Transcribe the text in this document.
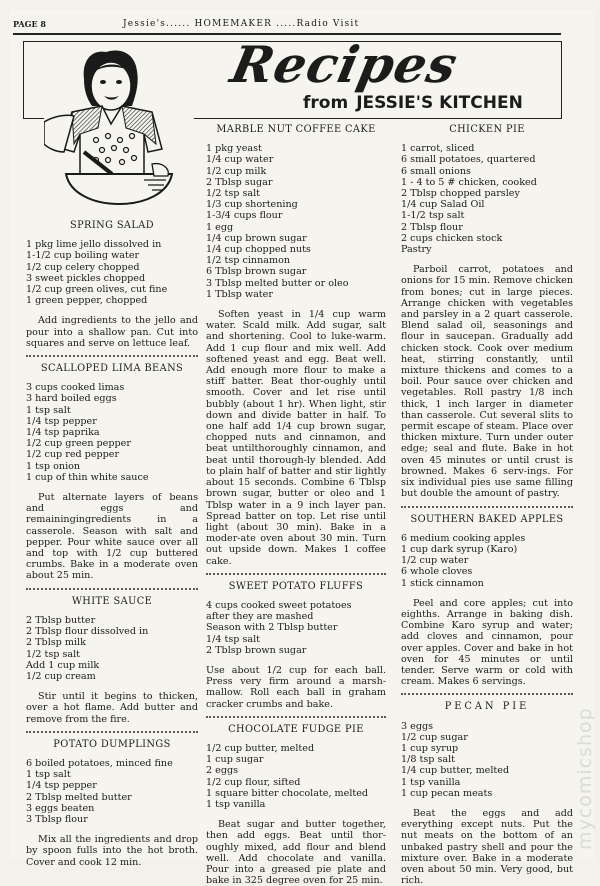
PAGE 8	Jessie's...... HOMEMAKER .....Radio Visit
Recipes
from JESSIE'S KITCHEN
SPRING SALAD
1 pkg lime jello dissolved in
1-1/2 cup boiling water
1/2 cup celery chopped
3 sweet pickles chopped
1/2 cup green olives, cut fine
1 green pepper, chopped

Add ingredients to the jello and pour into a shallow pan. Cut into squares and serve on lettuce leaf.

SCALLOPED LIMA BEANS
3 cups cooked limas
3 hard boiled eggs
1 tsp salt
1/4 tsp pepper
1/4 tsp paprika
1/2 cup green pepper
1/2 cup red pepper
1 tsp onion
1 cup of thin white sauce

Put alternate layers of beans and eggs and remainingingredients in a casserole. Season with salt and pepper. Pour white sauce over all and top with 1/2 cup buttered crumbs. Bake in a moderate oven about 25 min.

WHITE SAUCE
2 Tblsp butter
2 Tblsp flour dissolved in
2 Tblsp milk
1/2 tsp salt
Add 1 cup milk
1/2 cup cream

Stir until it begins to thicken, over a hot flame. Add butter and remove from the fire.

POTATO DUMPLINGS
6 boiled potatoes, minced fine
1 tsp salt
1/4 tsp pepper
2 Tblsp melted butter
3 eggs beaten
3 Tblsp flour

Mix all the ingredients and drop by spoon fulls into the hot broth. Cover and cook 12 min.

MARBLE NUT COFFEE CAKE
1 pkg yeast
1/4 cup water
1/2 cup milk
2 Tblsp sugar
1/2 tsp salt
1/3 cup shortening
1-3/4 cups flour
1 egg
1/4 cup brown sugar
1/4 cup chopped nuts
1/2 tsp cinnamon
6 Tblsp brown sugar
3 Tblsp melted butter or oleo
1 Tblsp water

Soften yeast in 1/4 cup warm water. Scald milk. Add sugar, salt and shortening. Cool to luke-warm. Add 1 cup flour and mix well. Add softened yeast and egg. Beat well. Add enough more flour to make a stiff batter. Beat thor-oughly until smooth. Cover and let rise until bubbly (about 1 hr). When light, stir down and divide batter in half. To one half add 1/4 cup brown sugar, chopped nuts and cinnamon, and beat untilthoroughly cinnamon, and beat until thorough-ly blended. Add to plain half of batter and stir lightly about 15 seconds. Combine 6 Tblsp brown sugar, butter or oleo and 1 Tblsp water in a 9 inch layer pan. Spread batter on top. Let rise until light (about 30 min). Bake in a moder-ate oven about 30 min. Turn out upside down. Makes 1 coffee cake.

SWEET POTATO FLUFFS
4 cups cooked sweet potatoes
after they are mashed
Season with 2 Tblsp butter
1/4 tsp salt
2 Tblsp brown sugar

Use about 1/2 cup for each ball. Press very firm around a marsh-mallow. Roll each ball in graham cracker crumbs and bake.

CHOCOLATE FUDGE PIE
1/2 cup butter, melted
1 cup sugar
2 eggs
1/2 cup flour, sifted
1 square bitter chocolate, melted
1 tsp vanilla

Beat sugar and butter together, then add eggs. Beat until thor-oughly mixed, add flour and blend well. Add chocolate and vanilla. Pour into a greased pie plate and bake in 325 degree oven for 25 min.

CHICKEN PIE
1 carrot, sliced
6 small potatoes, quartered
6 small onions
1 - 4 to 5 # chicken, cooked
2 Tblsp chopped parsley
1/4 cup Salad Oil
1-1/2 tsp salt
2 Tblsp flour
2 cups chicken stock
Pastry

Parboil carrot, potatoes and onions for 15 min. Remove chicken from bones; cut in large pieces. Arrange chicken with vegetables and parsley in a 2 quart casserole. Blend salad oil, seasonings and flour in saucepan. Gradually add chicken stock. Cook over medium heat, stirring constantly, until mixture thickens and comes to a boil. Pour sauce over chicken and vegetables. Roll pastry 1/8 inch thick, 1 inch larger in diameter than casserole. Cut several slits to permit escape of steam. Place over thicken mixture. Turn under outer edge; seal and flute. Bake in hot oven 45 minutes or until crust is browned. Makes 6 serv-ings. For six individual pies use same filling but double the amount of pastry.

SOUTHERN BAKED APPLES
6 medium cooking apples
1 cup dark syrup (Karo)
1/2 cup water
6 whole cloves
1 stick cinnamon

Peel and core apples; cut into eighths. Arrange in baking dish. Combine Karo syrup and water; add cloves and cinnamon, pour over apples. Cover and bake in hot oven for 45 minutes or until tender. Serve warm or cold with cream. Makes 6 servings.

PECAN PIE
3 eggs
1/2 cup sugar
1 cup syrup
1/8 tsp salt
1/4 cup butter, melted
1 tsp vanilla
1 cup pecan meats

Beat the eggs and add everything except nuts. Put the nut meats on the bottom of an unbaked pastry shell and pour the mixture over. Bake in a moderate oven about 50 min. Very good, but rich.

mycomicshop
